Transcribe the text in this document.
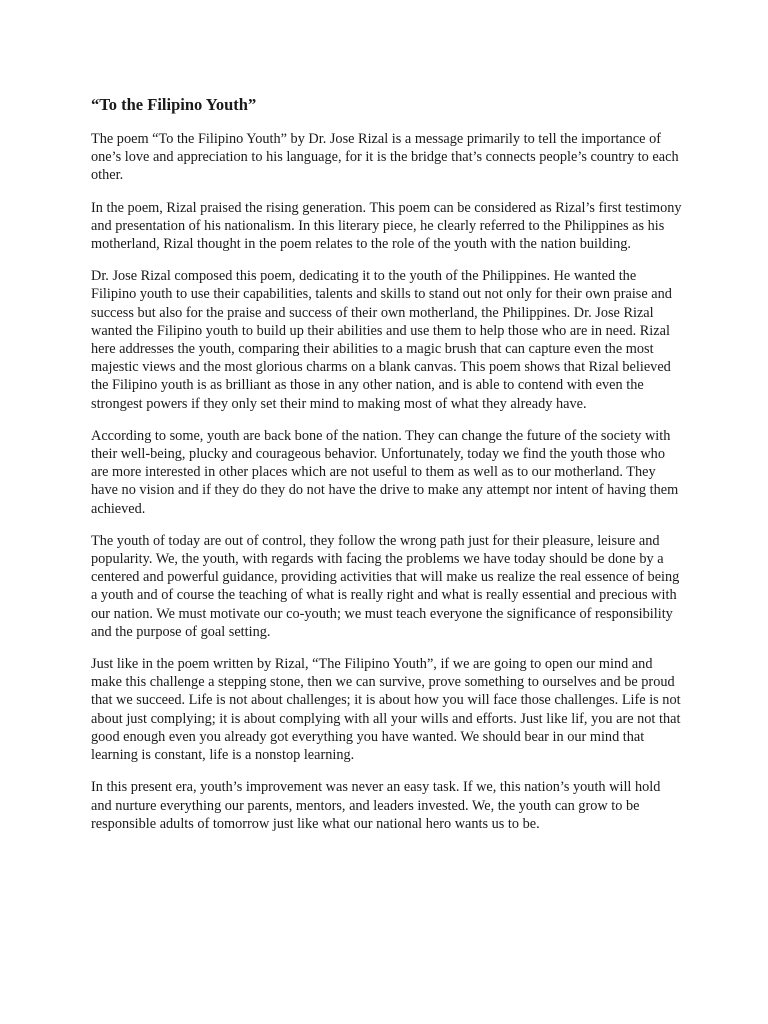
“To the Filipino Youth”

The poem “To the Filipino Youth” by Dr. Jose Rizal is a message primarily to tell the importance of one’s love and appreciation to his language, for it is the bridge that’s connects people’s country to each other.

In the poem, Rizal praised the rising generation. This poem can be considered as Rizal’s first testimony and presentation of his nationalism. In this literary piece, he clearly referred to the Philippines as his motherland, Rizal thought in the poem relates to the role of the youth with the nation building.

Dr. Jose Rizal composed this poem, dedicating it to the youth of the Philippines. He wanted the Filipino youth to use their capabilities, talents and skills to stand out not only for their own praise and success but also for the praise and success of their own motherland, the Philippines. Dr. Jose Rizal wanted the Filipino youth to build up their abilities and use them to help those who are in need. Rizal here addresses the youth, comparing their abilities to a magic brush that can capture even the most majestic views and the most glorious charms on a blank canvas. This poem shows that Rizal believed the Filipino youth is as brilliant as those in any other nation, and is able to contend with even the strongest powers if they only set their mind to making most of what they already have.

According to some, youth are back bone of the nation. They can change the future of the society with their well-being, plucky and courageous behavior. Unfortunately, today we find the youth those who are more interested in other places which are not useful to them as well as to our motherland. They have no vision and if they do they do not have the drive to make any attempt nor intent of having them achieved.

The youth of today are out of control, they follow the wrong path just for their pleasure, leisure and popularity. We, the youth, with regards with facing the problems we have today should be done by a centered and powerful guidance, providing activities that will make us realize the real essence of being a youth and of course the teaching of what is really right and what is really essential and precious with our nation. We must motivate our co-youth; we must teach everyone the significance of responsibility and the purpose of goal setting.

Just like in the poem written by Rizal, “The Filipino Youth”, if we are going to open our mind and make this challenge a stepping stone, then we can survive, prove something to ourselves and be proud that we succeed. Life is not about challenges; it is about how you will face those challenges. Life is not about just complying; it is about complying with all your wills and efforts. Just like lif, you are not that good enough even you already got everything you have wanted. We should bear in our mind that learning is constant, life is a nonstop learning.

In this present era, youth’s improvement was never an easy task. If we, this nation’s youth will hold and nurture everything our parents, mentors, and leaders invested. We, the youth can grow to be responsible adults of tomorrow just like what our national hero wants us to be.
